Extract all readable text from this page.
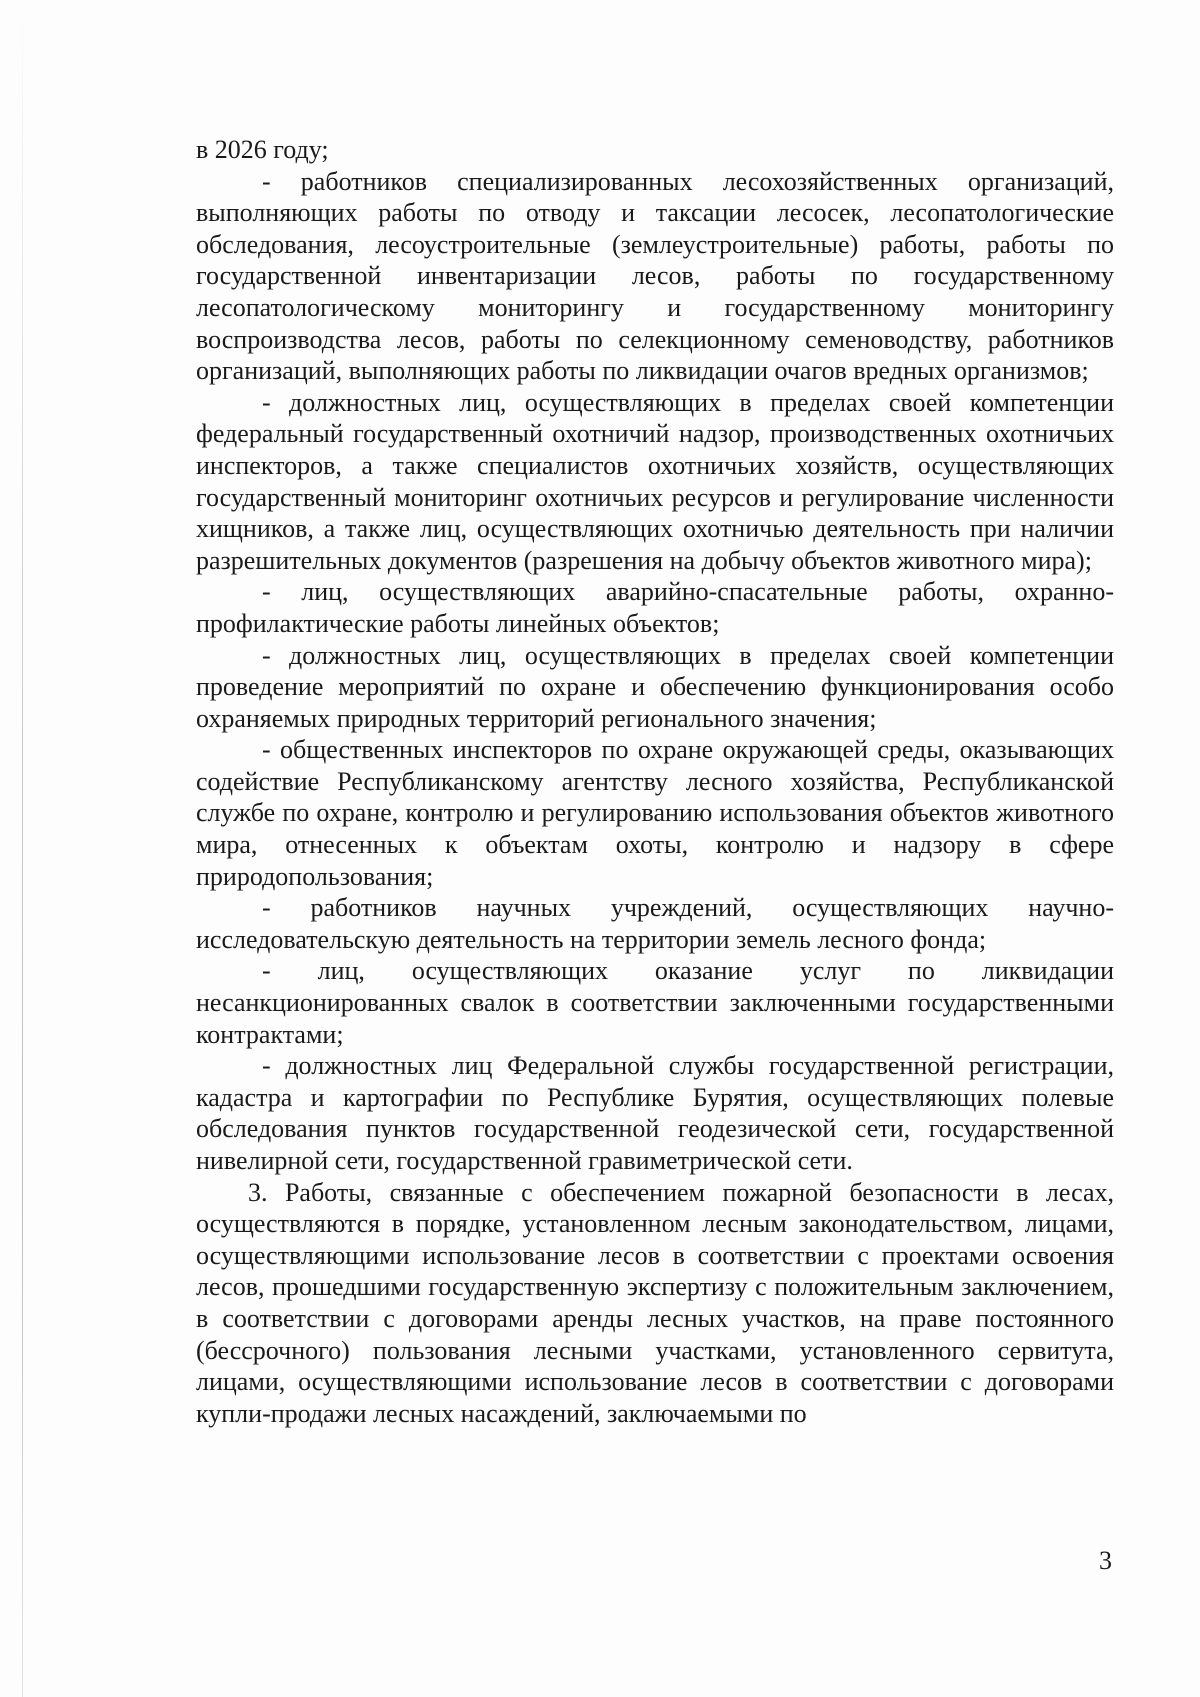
в 2026 году;

- работников специализированных лесохозяйственных организаций, выполняющих работы по отводу и таксации лесосек, лесопатологические обследования, лесоустроительные (землеустроительные) работы, работы по государственной инвентаризации лесов, работы по государственному лесопатологическому мониторингу и государственному мониторингу воспроизводства лесов, работы по селекционному семеноводству, работников организаций, выполняющих работы по ликвидации очагов вредных организмов;

- должностных лиц, осуществляющих в пределах своей компетенции федеральный государственный охотничий надзор, производственных охотничьих инспекторов, а также специалистов охотничьих хозяйств, осуществляющих государственный мониторинг охотничьих ресурсов и регулирование численности хищников, а также лиц, осуществляющих охотничью деятельность при наличии разрешительных документов (разрешения на добычу объектов животного мира);

- лиц, осуществляющих аварийно-спасательные работы, охранно-профилактические работы линейных объектов;

- должностных лиц, осуществляющих в пределах своей компетенции проведение мероприятий по охране и обеспечению функционирования особо охраняемых природных территорий регионального значения;

- общественных инспекторов по охране окружающей среды, оказывающих содействие Республиканскому агентству лесного хозяйства, Республиканской службе по охране, контролю и регулированию использования объектов животного мира, отнесенных к объектам охоты, контролю и надзору в сфере природопользования;

- работников научных учреждений, осуществляющих научно-исследовательскую деятельность на территории земель лесного фонда;

- лиц, осуществляющих оказание услуг по ликвидации несанкционированных свалок в соответствии заключенными государственными контрактами;

- должностных лиц Федеральной службы государственной регистрации, кадастра и картографии по Республике Бурятия, осуществляющих полевые обследования пунктов государственной геодезической сети, государственной нивелирной сети, государственной гравиметрической сети.

3. Работы, связанные с обеспечением пожарной безопасности в лесах, осуществляются в порядке, установленном лесным законодательством, лицами, осуществляющими использование лесов в соответствии с проектами освоения лесов, прошедшими государственную экспертизу с положительным заключением, в соответствии с договорами аренды лесных участков, на праве постоянного (бессрочного) пользования лесными участками, установленного сервитута, лицами, осуществляющими использование лесов в соответствии с договорами купли-продажи лесных насаждений, заключаемыми по

3
